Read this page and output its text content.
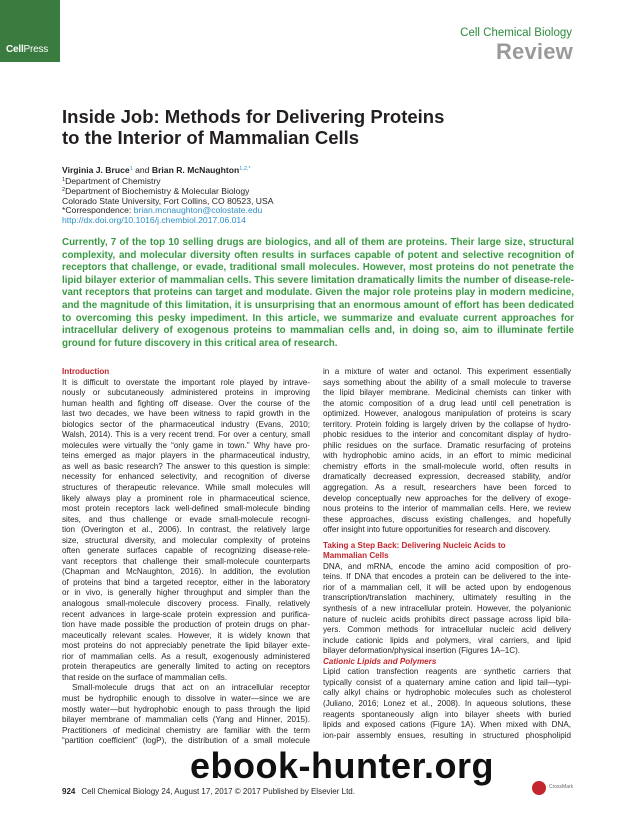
CellPress
Cell Chemical Biology
Review
Inside Job: Methods for Delivering Proteins
to the Interior of Mammalian Cells
Virginia J. Bruce$^1$ and Brian R. McNaughton$^{1,2,*}$
$^1$Department of Chemistry
$^2$Department of Biochemistry & Molecular Biology
Colorado State University, Fort Collins, CO 80523, USA
*Correspondence: brian.mcnaughton@colostate.edu
http://dx.doi.org/10.1016/j.chembiol.2017.06.014
Currently, 7 of the top 10 selling drugs are biologics, and all of them are proteins. Their large size, structural
complexity, and molecular diversity often results in surfaces capable of potent and selective recognition of
receptors that challenge, or evade, traditional small molecules. However, most proteins do not penetrate the
lipid bilayer exterior of mammalian cells. This severe limitation dramatically limits the number of disease-rele-
vant receptors that proteins can target and modulate. Given the major role proteins play in modern medicine,
and the magnitude of this limitation, it is unsurprising that an enormous amount of effort has been dedicated
to overcoming this pesky impediment. In this article, we summarize and evaluate current approaches for
intracellular delivery of exogenous proteins to mammalian cells and, in doing so, aim to illuminate fertile
ground for future discovery in this critical area of research.
Introduction
It is difficult to overstate the important role played by intrave-
nously or subcutaneously administered proteins in improving
human health and fighting off disease. Over the course of the
last two decades, we have been witness to rapid growth in the
biologics sector of the pharmaceutical industry (Evans, 2010;
Walsh, 2014). This is a very recent trend. For over a century, small
molecules were virtually the “only game in town.” Why have pro-
teins emerged as major players in the pharmaceutical industry,
as well as basic research? The answer to this question is simple:
necessity for enhanced selectivity, and recognition of diverse
structures of therapeutic relevance. While small molecules will
likely always play a prominent role in pharmaceutical science,
most protein receptors lack well-defined small-molecule binding
sites, and thus challenge or evade small-molecule recogni-
tion (Overington et al., 2006). In contrast, the relatively large
size, structural diversity, and molecular complexity of proteins
often generate surfaces capable of recognizing disease-rele-
vant receptors that challenge their small-molecule counterparts
(Chapman and McNaughton, 2016). In addition, the evolution
of proteins that bind a targeted receptor, either in the laboratory
or in vivo, is generally higher throughput and simpler than the
analogous small-molecule discovery process. Finally, relatively
recent advances in large-scale protein expression and purifica-
tion have made possible the production of protein drugs on phar-
maceutically relevant scales. However, it is widely known that
most proteins do not appreciably penetrate the lipid bilayer exte-
rior of mammalian cells. As a result, exogenously administered
protein therapeutics are generally limited to acting on receptors
that reside on the surface of mammalian cells.
Small-molecule drugs that act on an intracellular receptor
must be hydrophilic enough to dissolve in water—since we are
mostly water—but hydrophobic enough to pass through the lipid
bilayer membrane of mammalian cells (Yang and Hinner, 2015).
Practitioners of medicinal chemistry are familiar with the term
“partition coefficient” (logP), the distribution of a small molecule
in a mixture of water and octanol. This experiment essentially
says something about the ability of a small molecule to traverse
the lipid bilayer membrane. Medicinal chemists can tinker with
the atomic composition of a drug lead until cell penetration is
optimized. However, analogous manipulation of proteins is scary
territory. Protein folding is largely driven by the collapse of hydro-
phobic residues to the interior and concomitant display of hydro-
philic residues on the surface. Dramatic resurfacing of proteins
with hydrophobic amino acids, in an effort to mimic medicinal
chemistry efforts in the small-molecule world, often results in
dramatically decreased expression, decreased stability, and/or
aggregation. As a result, researchers have been forced to
develop conceptually new approaches for the delivery of exoge-
nous proteins to the interior of mammalian cells. Here, we review
these approaches, discuss existing challenges, and hopefully
offer insight into future opportunities for research and discovery.
Taking a Step Back: Delivering Nucleic Acids to
Mammalian Cells
DNA, and mRNA, encode the amino acid composition of pro-
teins. If DNA that encodes a protein can be delivered to the inte-
rior of a mammalian cell, it will be acted upon by endogenous
transcription/translation machinery, ultimately resulting in the
synthesis of a new intracellular protein. However, the polyanionic
nature of nucleic acids prohibits direct passage across lipid bila-
yers. Common methods for intracellular nucleic acid delivery
include cationic lipids and polymers, viral carriers, and lipid
bilayer deformation/physical insertion (Figures 1A–1C).
Cationic Lipids and Polymers
Lipid cation transfection reagents are synthetic carriers that
typically consist of a quaternary amine cation and lipid tail—typi-
cally alkyl chains or hydrophobic molecules such as cholesterol
(Juliano, 2016; Lonez et al., 2008). In aqueous solutions, these
reagents spontaneously align into bilayer sheets with buried
lipids and exposed cations (Figure 1A). When mixed with DNA,
ion-pair assembly ensues, resulting in structured phospholipid
924 Cell Chemical Biology 24, August 17, 2017 © 2017 Published by Elsevier Ltd.	CrossMark
ebook-hunter.org
